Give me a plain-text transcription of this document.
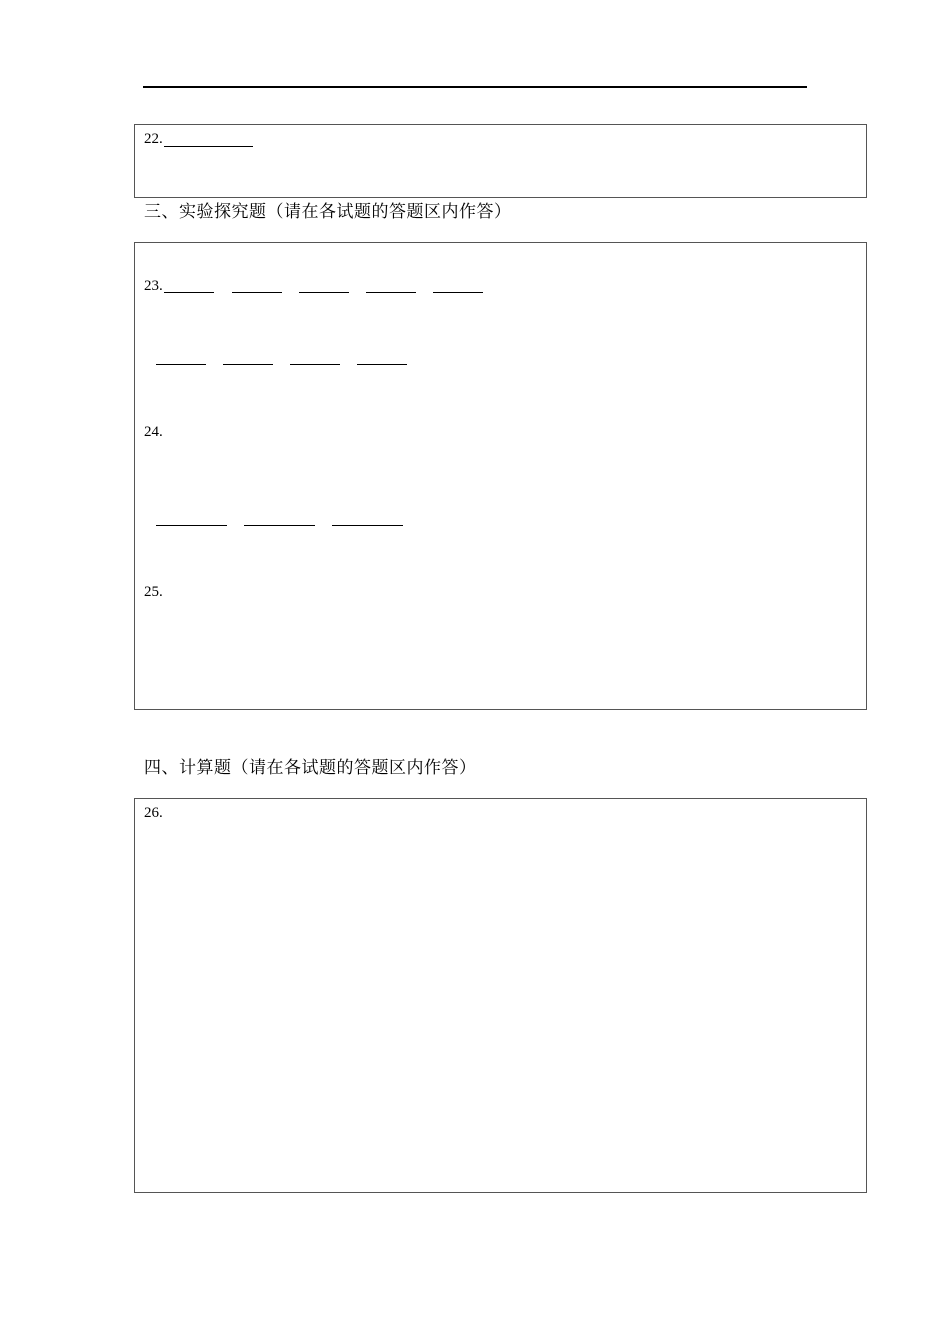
22.
三、实验探究题（请在各试题的答题区内作答）
23.
24.
25.
四、计算题（请在各试题的答题区内作答）
26.
